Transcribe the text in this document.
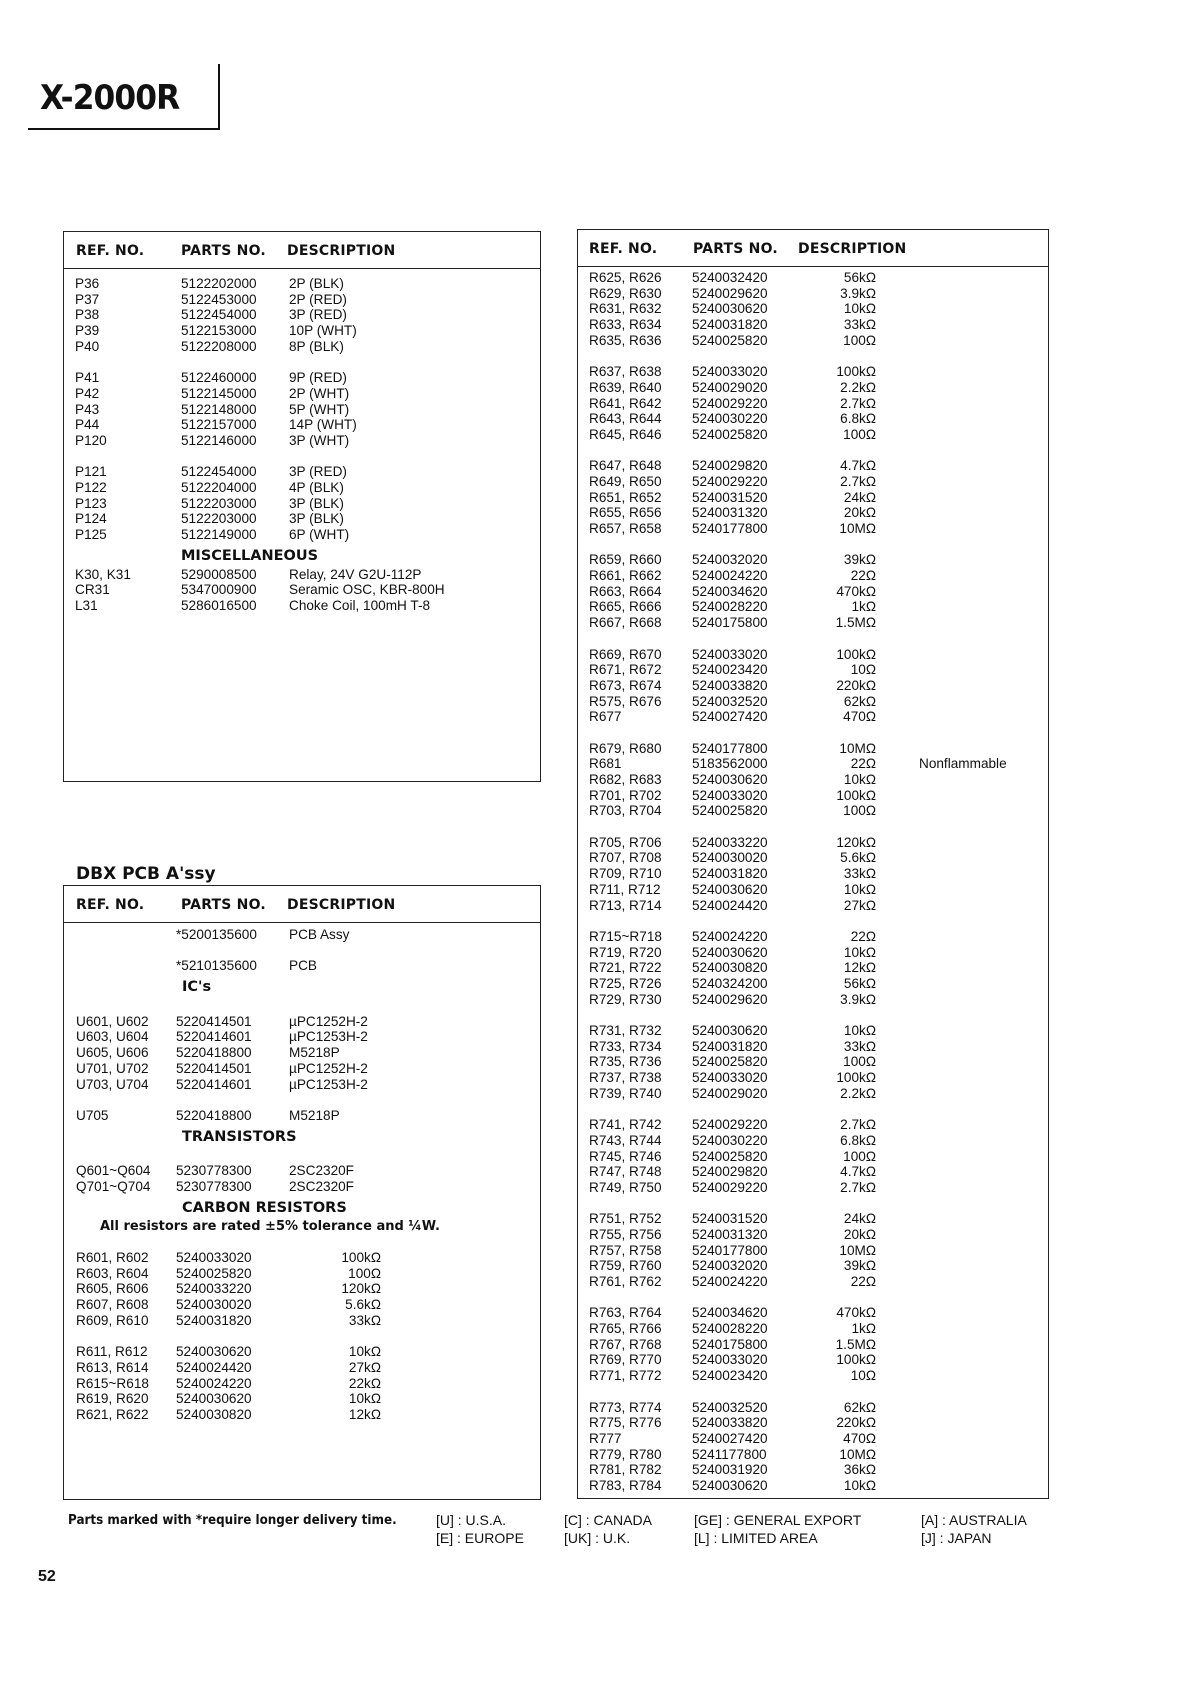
X-2000R
REF. NO.	PARTS NO. DESCRIPTION
P36	5122202000 2P (BLK)
P37	5122453000 2P (RED)
P38	5122454000 3P (RED)
P39	5122153000 10P (WHT)
P40	5122208000 8P (BLK)
P41	5122460000 9P (RED)
P42	5122145000 2P (WHT)
P43	5122148000 5P (WHT)
P44	5122157000 14P (WHT)
P120	5122146000 3P (WHT)
P121	5122454000 3P (RED)
P122	5122204000 4P (BLK)
P123	5122203000 3P (BLK)
P124	5122203000 3P (BLK)
P125	5122149000 6P (WHT)
MISCELLANEOUS
K30, K31	5290008500 Relay, 24V G2U-112P
CR31	5347000900 Seramic OSC, KBR-800H
L31	5286016500 Choke Coil, 100mH T-8
DBX PCB A'ssy
REF. NO.	PARTS NO. DESCRIPTION
*5200135600 PCB Assy
*5210135600 PCB
IC's
U601, U602 5220414501	µPC1252H-2
U603, U604 5220414601	µPC1253H-2
U605, U606 5220418800	M5218P
U701, U702 5220414501	µPC1252H-2
U703, U704 5220414601	µPC1253H-2
U705	5220418800	M5218P
TRANSISTORS
Q601~Q604 5230778300	2SC2320F
Q701~Q704 5230778300	2SC2320F
CARBON RESISTORS
All resistors are rated ±5% tolerance and ¼W.
R601, R602 5240033020	100kΩ
R603, R604 5240025820	100Ω
R605, R606 5240033220	120kΩ
R607, R608 5240030020	5.6kΩ
R609, R610 5240031820	33kΩ
R611, R612 5240030620	10kΩ
R613, R614 5240024420	27kΩ
R615~R618 5240024220	22kΩ
R619, R620 5240030620	10kΩ
R621, R622 5240030820	12kΩ
REF. NO.	PARTS NO. DESCRIPTION
R625, R626 5240032420	56kΩ
R629, R630 5240029620	3.9kΩ
R631, R632 5240030620	10kΩ
R633, R634 5240031820	33kΩ
R635, R636 5240025820	100Ω
R637, R638 5240033020	100kΩ
R639, R640 5240029020	2.2kΩ
R641, R642 5240029220	2.7kΩ
R643, R644 5240030220	6.8kΩ
R645, R646 5240025820	100Ω
R647, R648 5240029820	4.7kΩ
R649, R650 5240029220	2.7kΩ
R651, R652 5240031520	24kΩ
R655, R656 5240031320	20kΩ
R657, R658 5240177800	10MΩ
R659, R660 5240032020	39kΩ
R661, R662 5240024220	22Ω
R663, R664 5240034620	470kΩ
R665, R666 5240028220	1kΩ
R667, R668 5240175800	1.5MΩ
R669, R670 5240033020	100kΩ
R671, R672 5240023420	10Ω
R673, R674 5240033820	220kΩ
R575, R676 5240032520	62kΩ
R677	5240027420	470Ω
R679, R680 5240177800	10MΩ
R681	5183562000	22Ω	Nonflammable
R682, R683 5240030620	10kΩ
R701, R702 5240033020	100kΩ
R703, R704 5240025820	100Ω
R705, R706 5240033220	120kΩ
R707, R708 5240030020	5.6kΩ
R709, R710 5240031820	33kΩ
R711, R712 5240030620	10kΩ
R713, R714 5240024420	27kΩ
R715~R718 5240024220	22Ω
R719, R720 5240030620	10kΩ
R721, R722 5240030820	12kΩ
R725, R726 5240324200	56kΩ
R729, R730 5240029620	3.9kΩ
R731, R732 5240030620	10kΩ
R733, R734 5240031820	33kΩ
R735, R736 5240025820	100Ω
R737, R738 5240033020	100kΩ
R739, R740 5240029020	2.2kΩ
R741, R742 5240029220	2.7kΩ
R743, R744 5240030220	6.8kΩ
R745, R746 5240025820	100Ω
R747, R748 5240029820	4.7kΩ
R749, R750 5240029220	2.7kΩ
R751, R752 5240031520	24kΩ
R755, R756 5240031320	20kΩ
R757, R758 5240177800	10MΩ
R759, R760 5240032020	39kΩ
R761, R762 5240024220	22Ω
R763, R764 5240034620	470kΩ
R765, R766 5240028220	1kΩ
R767, R768 5240175800	1.5MΩ
R769, R770 5240033020	100kΩ
R771, R772 5240023420	10Ω
R773, R774 5240032520	62kΩ
R775, R776 5240033820	220kΩ
R777	5240027420	470Ω
R779, R780 5241177800	10MΩ
R781, R782 5240031920	36kΩ
R783, R784 5240030620	10kΩ
Parts marked with *require longer delivery time.	[U] : U.S.A.
[E] : EUROPE
[C] : CANADA
[UK] : U.K.
[GE] : GENERAL EXPORT
[L] : LIMITED AREA
[A] : AUSTRALIA
[J] : JAPAN
52
